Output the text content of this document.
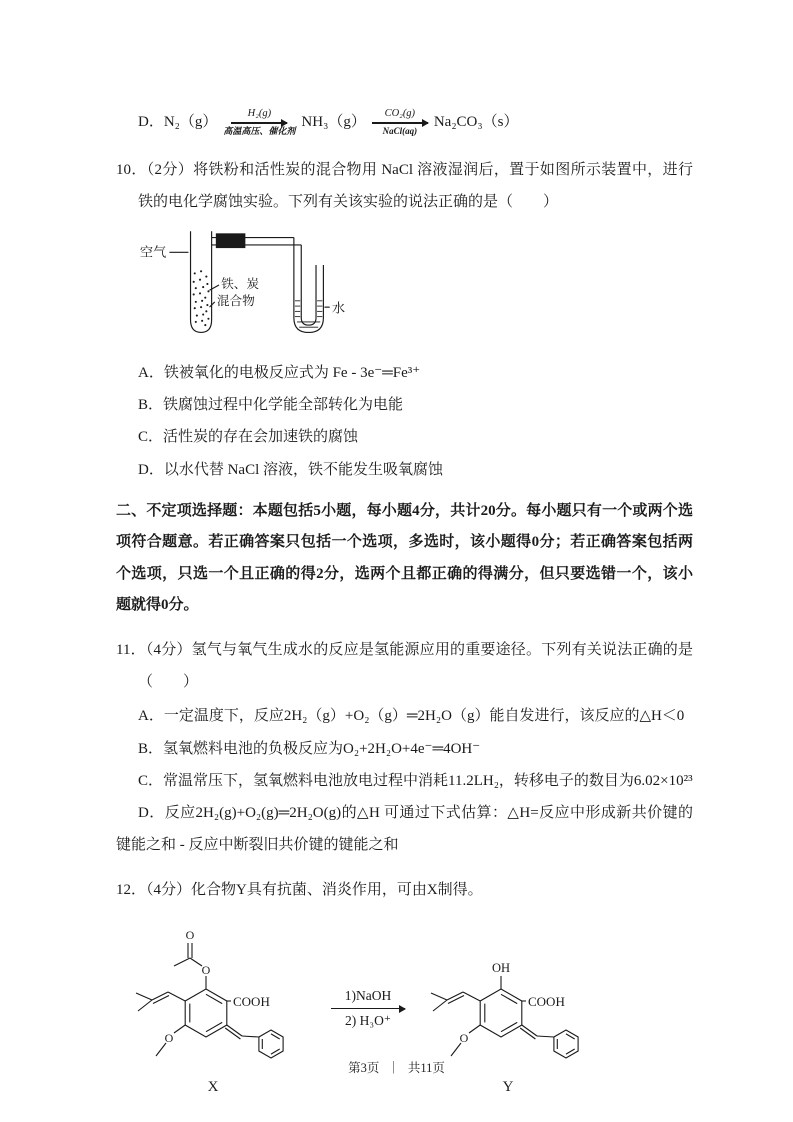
D． N₂（g）	H₂(g)
高温高压、催化剂
NH₃（g） CO₂(g)
NaCl(aq)
Na₂CO₃（s）

10．（2分）将铁粉和活性炭的混合物用 NaCl 溶液湿润后，置于如图所示装置中，进行铁的电化学腐蚀实验。下列有关该实验的说法正确的是（　　）

空气
铁、炭
混合物	水

A．铁被氧化的电极反应式为 Fe - 3e⁻═Fe³⁺

B．铁腐蚀过程中化学能全部转化为电能

C．活性炭的存在会加速铁的腐蚀

D．以水代替 NaCl 溶液，铁不能发生吸氧腐蚀

二、不定项选择题：本题包括5小题，每小题4分，共计20分。每小题只有一个或两个选项符合题意。若正确答案只包括一个选项，多选时，该小题得0分；若正确答案包括两个选项，只选一个且正确的得2分，选两个且都正确的得满分，但只要选错一个，该小题就得0分。

11．（4分）氢气与氧气生成水的反应是氢能源应用的重要途径。下列有关说法正确的是（　　）

A．一定温度下，反应2H₂（g）+O₂（g）═2H₂O（g）能自发进行，该反应的△H＜0

B．氢氧燃料电池的负极反应为O₂+2H₂O+4e⁻═4OH⁻

C．常温常压下，氢氧燃料电池放电过程中消耗11.2LH₂，转移电子的数目为6.02×10²³

D．反应2H₂(g)+O₂(g)═2H₂O(g)的△H 可通过下式估算：△H=反应中形成新共价键的键能之和 - 反应中断裂旧共价键的键能之和

12．（4分）化合物Y具有抗菌、消炎作用，可由X制得。

O
O
COOH
O
X
1)NaOH
2) H₃O⁺
OH
COOH
O
Y
第3页 ｜ 共11页
